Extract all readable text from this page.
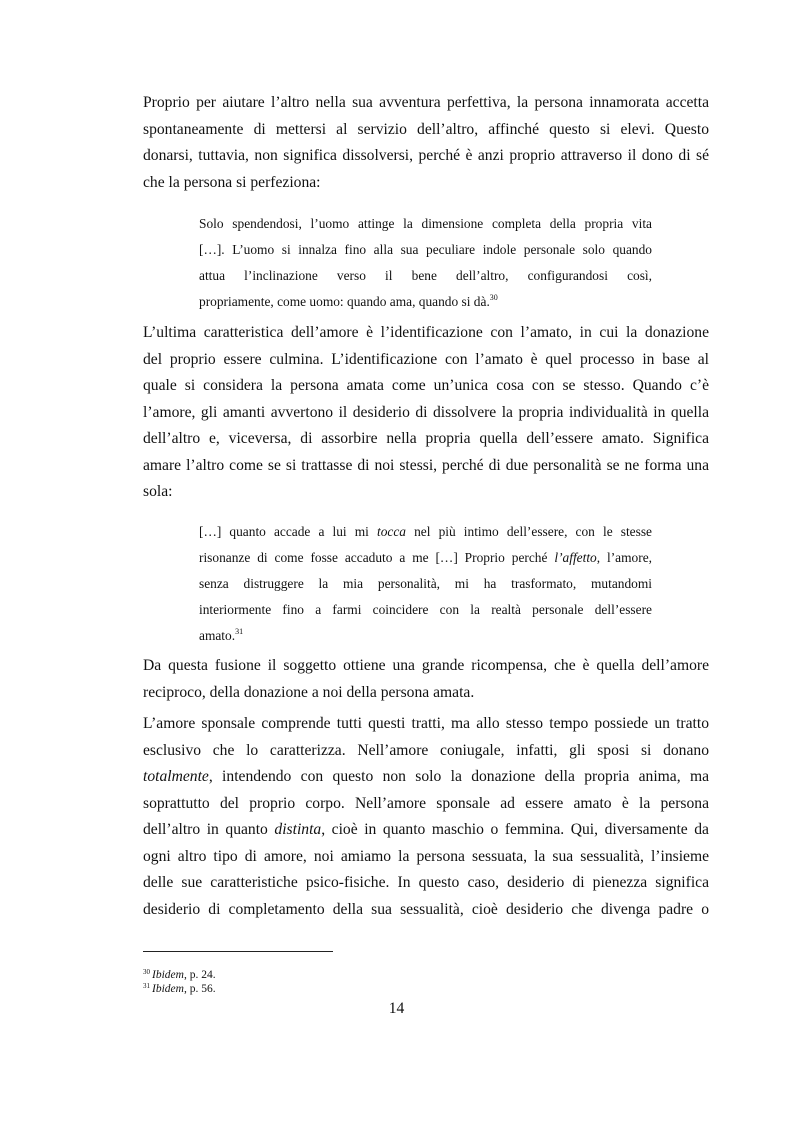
Proprio per aiutare l’altro nella sua avventura perfettiva, la persona innamorata accetta
spontaneamente di mettersi al servizio dell’altro, affinché questo si elevi. Questo
donarsi, tuttavia, non significa dissolversi, perché è anzi proprio attraverso il dono di sé
che la persona si perfeziona:
Solo spendendosi, l’uomo attinge la dimensione completa della propria vita
[…]. L’uomo si innalza fino alla sua peculiare indole personale solo quando
attua l’inclinazione verso il bene dell’altro, configurandosi così,
propriamente, come uomo: quando ama, quando si dà.$^{30}$
L’ultima caratteristica dell’amore è l’identificazione con l’amato, in cui la donazione
del proprio essere culmina. L’identificazione con l’amato è quel processo in base al
quale si considera la persona amata come un’unica cosa con se stesso. Quando c’è
l’amore, gli amanti avvertono il desiderio di dissolvere la propria individualità in quella
dell’altro e, viceversa, di assorbire nella propria quella dell’essere amato. Significa
amare l’altro come se si trattasse di noi stessi, perché di due personalità se ne forma una
sola:
[…] quanto accade a lui mi tocca nel più intimo dell’essere, con le stesse
risonanze di come fosse accaduto a me […] Proprio perché l’affetto, l’amore,
senza distruggere la mia personalità, mi ha trasformato, mutandomi
interiormente fino a farmi coincidere con la realtà personale dell’essere
amato.$^{31}$
Da questa fusione il soggetto ottiene una grande ricompensa, che è quella dell’amore
reciproco, della donazione a noi della persona amata.
L’amore sponsale comprende tutti questi tratti, ma allo stesso tempo possiede un tratto
esclusivo che lo caratterizza. Nell’amore coniugale, infatti, gli sposi si donano
totalmente, intendendo con questo non solo la donazione della propria anima, ma
soprattutto del proprio corpo. Nell’amore sponsale ad essere amato è la persona
dell’altro in quanto distinta, cioè in quanto maschio o femmina. Qui, diversamente da
ogni altro tipo di amore, noi amiamo la persona sessuata, la sua sessualità, l’insieme
delle sue caratteristiche psico-fisiche. In questo caso, desiderio di pienezza significa
desiderio di completamento della sua sessualità, cioè desiderio che divenga padre o
$^{30}$ Ibidem, p. 24.
$^{31}$ Ibidem, p. 56.
14
